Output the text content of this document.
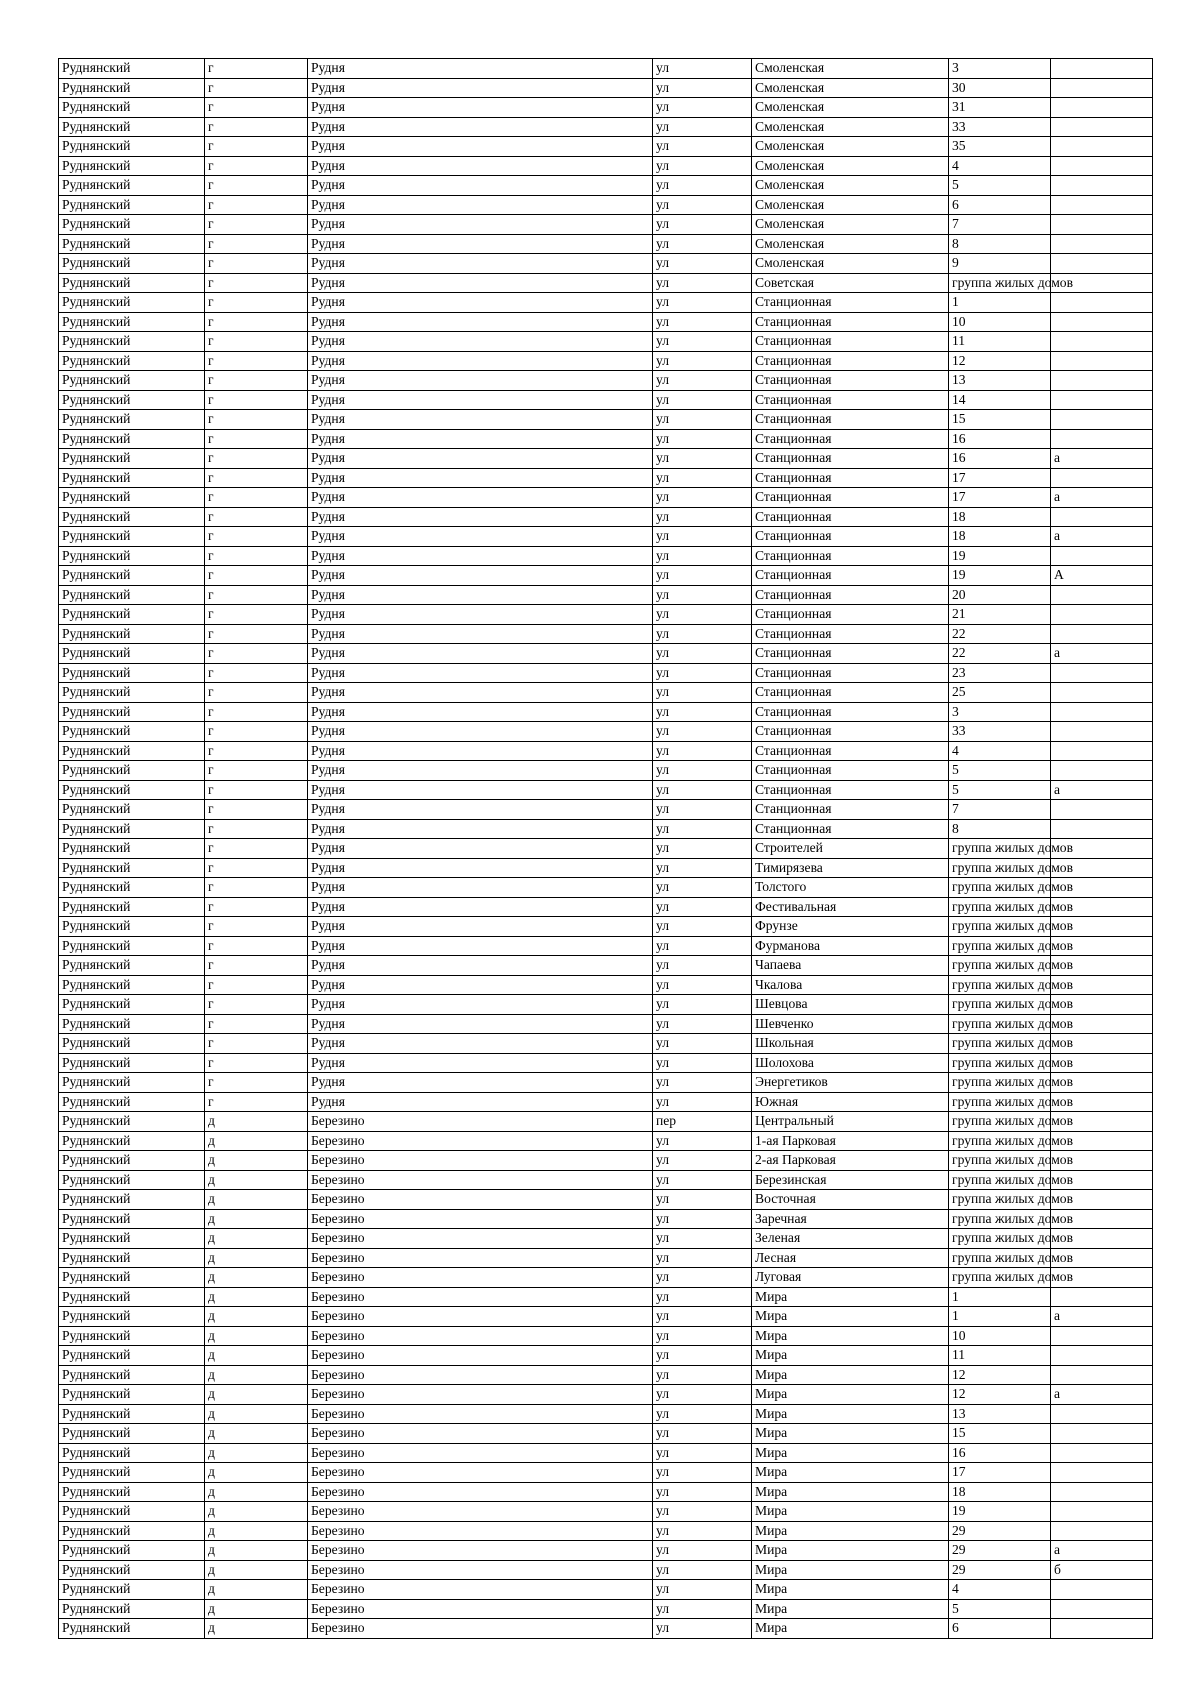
Руднянский	г	Рудня	ул	Смоленская	3	
Руднянский	г	Рудня	ул	Смоленская	30	
Руднянский	г	Рудня	ул	Смоленская	31	
Руднянский	г	Рудня	ул	Смоленская	33	
Руднянский	г	Рудня	ул	Смоленская	35	
Руднянский	г	Рудня	ул	Смоленская	4	
Руднянский	г	Рудня	ул	Смоленская	5	
Руднянский	г	Рудня	ул	Смоленская	6	
Руднянский	г	Рудня	ул	Смоленская	7	
Руднянский	г	Рудня	ул	Смоленская	8	
Руднянский	г	Рудня	ул	Смоленская	9	
Руднянский	г	Рудня	ул	Советская	группа жилых домов	
Руднянский	г	Рудня	ул	Станционная	1	
Руднянский	г	Рудня	ул	Станционная	10	
Руднянский	г	Рудня	ул	Станционная	11	
Руднянский	г	Рудня	ул	Станционная	12	
Руднянский	г	Рудня	ул	Станционная	13	
Руднянский	г	Рудня	ул	Станционная	14	
Руднянский	г	Рудня	ул	Станционная	15	
Руднянский	г	Рудня	ул	Станционная	16	
Руднянский	г	Рудня	ул	Станционная	16	а
Руднянский	г	Рудня	ул	Станционная	17	
Руднянский	г	Рудня	ул	Станционная	17	а
Руднянский	г	Рудня	ул	Станционная	18	
Руднянский	г	Рудня	ул	Станционная	18	а
Руднянский	г	Рудня	ул	Станционная	19	
Руднянский	г	Рудня	ул	Станционная	19	А
Руднянский	г	Рудня	ул	Станционная	20	
Руднянский	г	Рудня	ул	Станционная	21	
Руднянский	г	Рудня	ул	Станционная	22	
Руднянский	г	Рудня	ул	Станционная	22	а
Руднянский	г	Рудня	ул	Станционная	23	
Руднянский	г	Рудня	ул	Станционная	25	
Руднянский	г	Рудня	ул	Станционная	3	
Руднянский	г	Рудня	ул	Станционная	33	
Руднянский	г	Рудня	ул	Станционная	4	
Руднянский	г	Рудня	ул	Станционная	5	
Руднянский	г	Рудня	ул	Станционная	5	а
Руднянский	г	Рудня	ул	Станционная	7	
Руднянский	г	Рудня	ул	Станционная	8	
Руднянский	г	Рудня	ул	Строителей	группа жилых домов	
Руднянский	г	Рудня	ул	Тимирязева	группа жилых домов	
Руднянский	г	Рудня	ул	Толстого	группа жилых домов	
Руднянский	г	Рудня	ул	Фестивальная	группа жилых домов	
Руднянский	г	Рудня	ул	Фрунзе	группа жилых домов	
Руднянский	г	Рудня	ул	Фурманова	группа жилых домов	
Руднянский	г	Рудня	ул	Чапаева	группа жилых домов	
Руднянский	г	Рудня	ул	Чкалова	группа жилых домов	
Руднянский	г	Рудня	ул	Шевцова	группа жилых домов	
Руднянский	г	Рудня	ул	Шевченко	группа жилых домов	
Руднянский	г	Рудня	ул	Школьная	группа жилых домов	
Руднянский	г	Рудня	ул	Шолохова	группа жилых домов	
Руднянский	г	Рудня	ул	Энергетиков	группа жилых домов	
Руднянский	г	Рудня	ул	Южная	группа жилых домов	
Руднянский	д	Березино	пер	Центральный	группа жилых домов	
Руднянский	д	Березино	ул	1-ая Парковая	группа жилых домов	
Руднянский	д	Березино	ул	2-ая Парковая	группа жилых домов	
Руднянский	д	Березино	ул	Березинская	группа жилых домов	
Руднянский	д	Березино	ул	Восточная	группа жилых домов	
Руднянский	д	Березино	ул	Заречная	группа жилых домов	
Руднянский	д	Березино	ул	Зеленая	группа жилых домов	
Руднянский	д	Березино	ул	Лесная	группа жилых домов	
Руднянский	д	Березино	ул	Луговая	группа жилых домов	
Руднянский	д	Березино	ул	Мира	1	
Руднянский	д	Березино	ул	Мира	1	а
Руднянский	д	Березино	ул	Мира	10	
Руднянский	д	Березино	ул	Мира	11	
Руднянский	д	Березино	ул	Мира	12	
Руднянский	д	Березино	ул	Мира	12	а
Руднянский	д	Березино	ул	Мира	13	
Руднянский	д	Березино	ул	Мира	15	
Руднянский	д	Березино	ул	Мира	16	
Руднянский	д	Березино	ул	Мира	17	
Руднянский	д	Березино	ул	Мира	18	
Руднянский	д	Березино	ул	Мира	19	
Руднянский	д	Березино	ул	Мира	29	
Руднянский	д	Березино	ул	Мира	29	а
Руднянский	д	Березино	ул	Мира	29	б
Руднянский	д	Березино	ул	Мира	4	
Руднянский	д	Березино	ул	Мира	5	
Руднянский	д	Березино	ул	Мира	6	
